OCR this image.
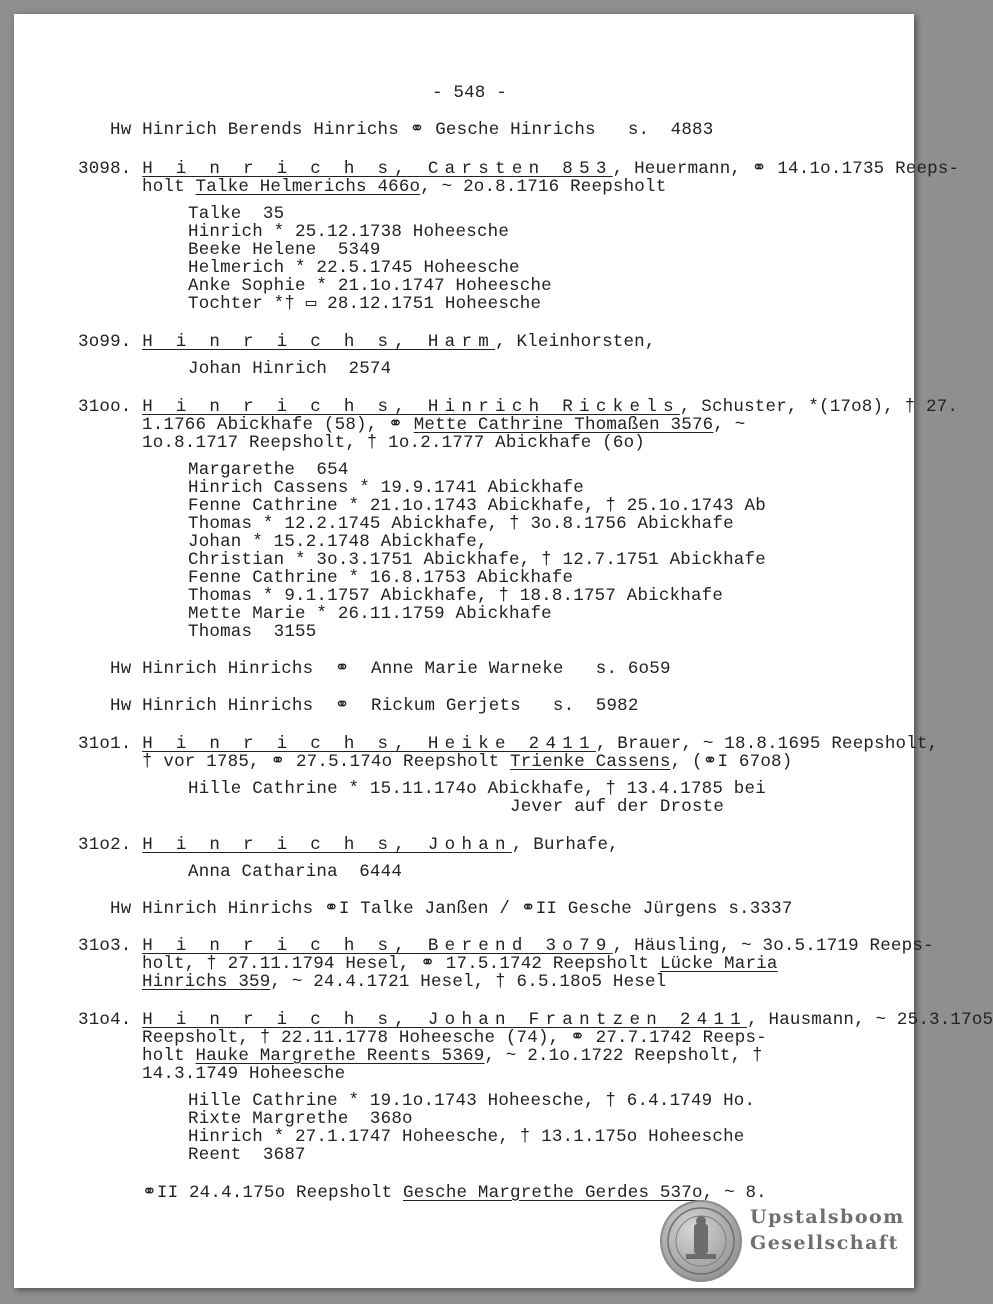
- 548 -
Hw Hinrich Berends Hinrichs ⚭ Gesche Hinrichs   s.  4883
3098. H i n r i c h s, Carsten 853, Heuermann, ⚭ 14.1o.1735 Reeps-
holt Talke Helmerichs 466o, ~ 2o.8.1716 Reepsholt
Talke  35
Hinrich * 25.12.1738 Hoheesche
Beeke Helene  5349
Helmerich * 22.5.1745 Hoheesche
Anke Sophie * 21.1o.1747 Hoheesche
Tochter *† ▭ 28.12.1751 Hoheesche
3o99. H i n r i c h s, Harm, Kleinhorsten,
Johan Hinrich  2574
31oo. H i n r i c h s, Hinrich Rickels, Schuster, *(17o8), † 27.
1.1766 Abickhafe (58), ⚭ Mette Cathrine Thomaßen 3576, ~
1o.8.1717 Reepsholt, † 1o.2.1777 Abickhafe (6o)
Margarethe  654
Hinrich Cassens * 19.9.1741 Abickhafe
Fenne Cathrine * 21.1o.1743 Abickhafe, † 25.1o.1743 Ab
Thomas * 12.2.1745 Abickhafe, † 3o.8.1756 Abickhafe
Johan * 15.2.1748 Abickhafe,
Christian * 3o.3.1751 Abickhafe, † 12.7.1751 Abickhafe
Fenne Cathrine * 16.8.1753 Abickhafe
Thomas * 9.1.1757 Abickhafe, † 18.8.1757 Abickhafe
Mette Marie * 26.11.1759 Abickhafe
Thomas  3155
Hw Hinrich Hinrichs  ⚭  Anne Marie Warneke   s. 6o59
Hw Hinrich Hinrichs  ⚭  Rickum Gerjets   s.  5982
31o1. H i n r i c h s, Heike 2411, Brauer, ~ 18.8.1695 Reepsholt,
† vor 1785, ⚭ 27.5.174o Reepsholt Trienke Cassens, (⚭I 67o8)
Hille Cathrine * 15.11.174o Abickhafe, † 13.4.1785 bei
Jever auf der Droste
31o2. H i n r i c h s, Johan, Burhafe,
Anna Catharina  6444
Hw Hinrich Hinrichs ⚭I Talke Janßen / ⚭II Gesche Jürgens s.3337
31o3. H i n r i c h s, Berend 3o79, Häusling, ~ 3o.5.1719 Reeps-
holt, † 27.11.1794 Hesel, ⚭ 17.5.1742 Reepsholt Lücke Maria
Hinrichs 359, ~ 24.4.1721 Hesel, † 6.5.18o5 Hesel
31o4. H i n r i c h s, Johan Frantzen 2411, Hausmann, ~ 25.3.17o5
Reepsholt, † 22.11.1778 Hoheesche (74), ⚭ 27.7.1742 Reeps-
holt Hauke Margrethe Reents 5369, ~ 2.1o.1722 Reepsholt, †
14.3.1749 Hoheesche
Hille Cathrine * 19.1o.1743 Hoheesche, † 6.4.1749 Ho.
Rixte Margrethe  368o
Hinrich * 27.1.1747 Hoheesche, † 13.1.175o Hoheesche
Reent  3687
⚭II 24.4.175o Reepsholt Gesche Margrethe Gerdes 537o, ~ 8.
Upstalsboom
Gesellschaft
